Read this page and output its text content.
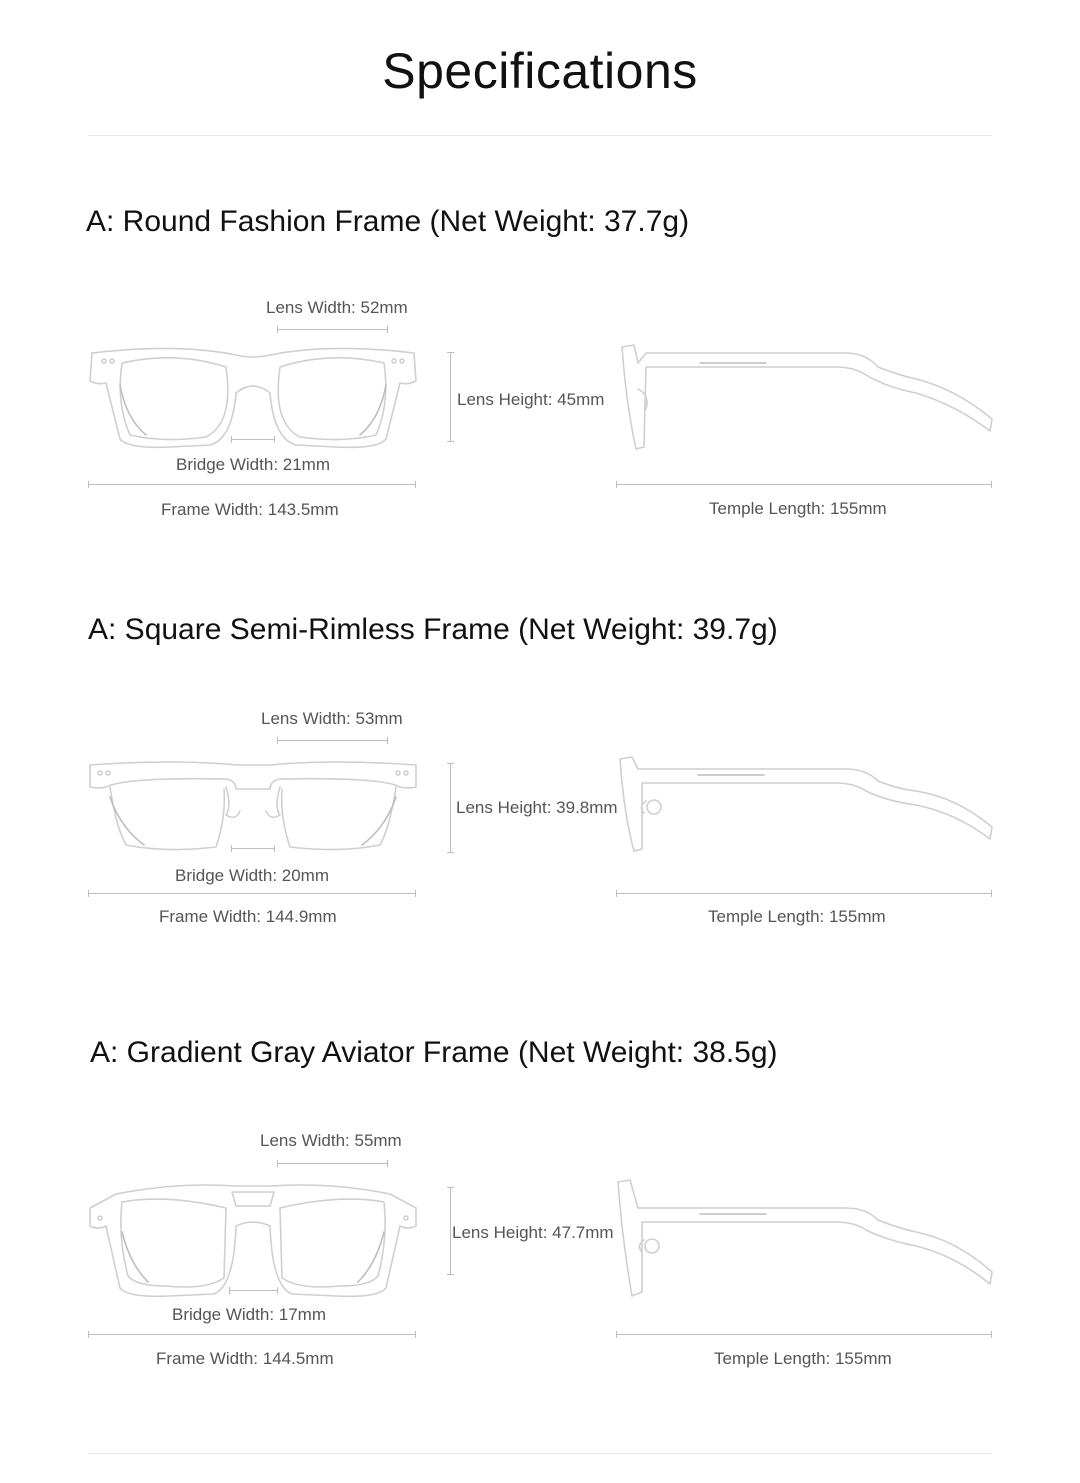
Specifications
A: Round Fashion Frame (Net Weight: 37.7g)
Lens Width: 52mm
Bridge Width: 21mm
Frame Width: 143.5mm
Lens Height: 45mm
Temple Length: 155mm
A: Square Semi-Rimless Frame (Net Weight: 39.7g)
Lens Width: 53mm
Bridge Width: 20mm
Frame Width: 144.9mm
Lens Height: 39.8mm
Temple Length: 155mm
A: Gradient Gray Aviator Frame (Net Weight: 38.5g)
Lens Width: 55mm
Bridge Width: 17mm
Frame Width: 144.5mm
Lens Height: 47.7mm
Temple Length: 155mm
